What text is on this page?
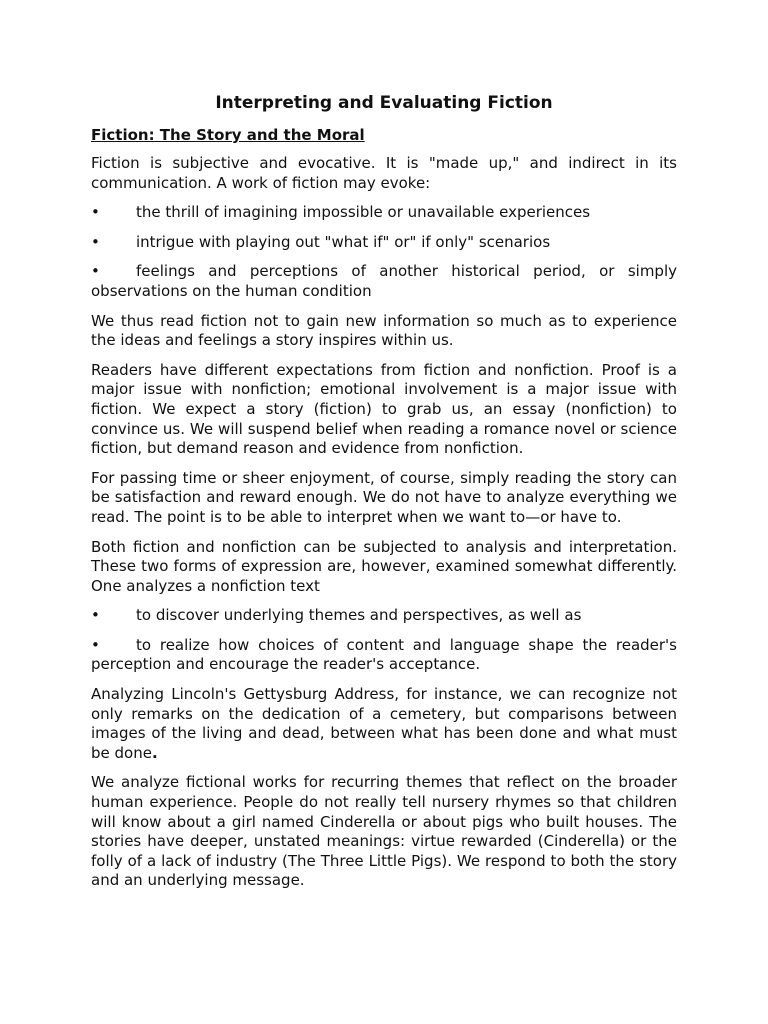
Interpreting and Evaluating Fiction
Fiction: The Story and the Moral

Fiction is subjective and evocative. It is "made up," and indirect in its communication. A work of fiction may evoke:

• the thrill of imagining impossible or unavailable experiences
• intrigue with playing out "what if" or" if only" scenarios
• feelings and perceptions of another historical period, or simply observations on the human condition

We thus read fiction not to gain new information so much as to experience the ideas and feelings a story inspires within us.

Readers have different expectations from fiction and nonfiction. Proof is a major issue with nonfiction; emotional involvement is a major issue with fiction. We expect a story (fiction) to grab us, an essay (nonfiction) to convince us. We will suspend belief when reading a romance novel or science fiction, but demand reason and evidence from nonfiction.

For passing time or sheer enjoyment, of course, simply reading the story can be satisfaction and reward enough. We do not have to analyze everything we read. The point is to be able to interpret when we want to—or have to.

Both fiction and nonfiction can be subjected to analysis and interpretation. These two forms of expression are, however, examined somewhat differently. One analyzes a nonfiction text

• to discover underlying themes and perspectives, as well as
• to realize how choices of content and language shape the reader's perception and encourage the reader's acceptance.

Analyzing Lincoln's Gettysburg Address, for instance, we can recognize not only remarks on the dedication of a cemetery, but comparisons between images of the living and dead, between what has been done and what must be done.

We analyze fictional works for recurring themes that reflect on the broader human experience. People do not really tell nursery rhymes so that children will know about a girl named Cinderella or about pigs who built houses. The stories have deeper, unstated meanings: virtue rewarded (Cinderella) or the folly of a lack of industry (The Three Little Pigs). We respond to both the story and an underlying message.
